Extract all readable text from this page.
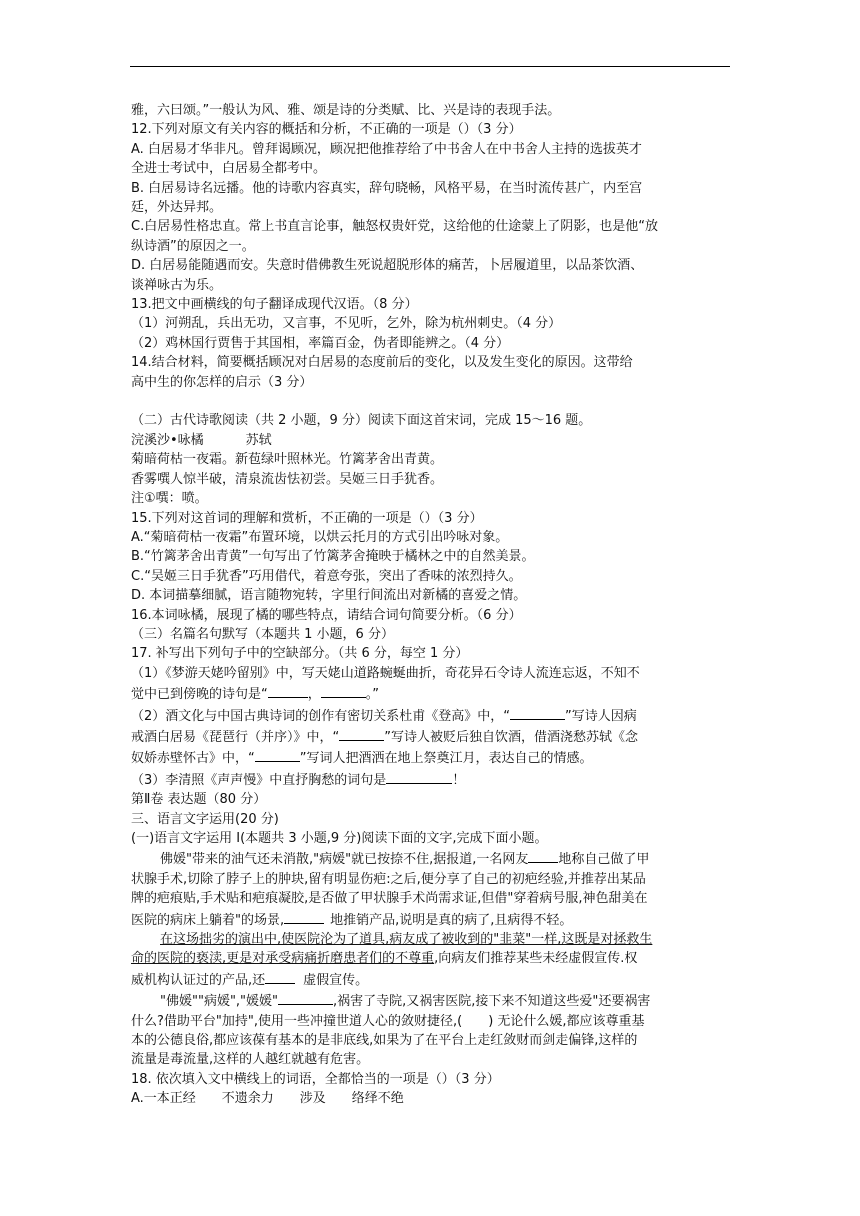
雅，六曰颂。”一般认为风、雅、颂是诗的分类赋、比、兴是诗的表现手法。
12.下列对原文有关内容的概括和分析，不正确的一项是（）（3 分）
A. 白居易才华非凡。曾拜谒顾况，顾况把他推荐给了中书舍人在中书舍人主持的选拔英才
全进士考试中，白居易全都考中。
B. 白居易诗名远播。他的诗歌内容真实，辞句晓畅，风格平易，在当时流传甚广，内至宫
廷，外达异邦。
C.白居易性格忠直。常上书直言论事，触怒权贵奸党，这给他的仕途蒙上了阴影，也是他“放
纵诗酒”的原因之一。
D. 白居易能随遇而安。失意时借佛教生死说超脱形体的痛苦，卜居履道里，以品茶饮酒、
谈禅咏古为乐。
13.把文中画横线的句子翻译成现代汉语。（8 分）
（1）河朔乱，兵出无功，又言事，不见听，乞外，除为杭州刺史。（4 分）
（2）鸡林国行贾售于其国相，率篇百金，伪者即能辨之。（4 分）
14.结合材料，简要概括顾况对白居易的态度前后的变化，以及发生变化的原因。这带给
高中生的你怎样的启示（3 分）
（二）古代诗歌阅读（共 2 小题，9 分）阅读下面这首宋词，完成 15～16 题。
浣溪沙•咏橘	苏轼
菊暗荷枯一夜霜。新苞绿叶照林光。竹篱茅舍出青黄。
香雾噀人惊半破，清泉流齿怯初尝。吴姬三日手犹香。
注①噀：喷。
15.下列对这首词的理解和赏析，不正确的一项是（）（3 分）
A.“菊暗荷枯一夜霜”布置环境，以烘云托月的方式引出吟咏对象。
B.“竹篱茅舍出青黄”一句写出了竹篱茅舍掩映于橘林之中的自然美景。
C.“吴姬三日手犹香”巧用借代，着意夸张，突出了香味的浓烈持久。
D. 本词描摹细腻，语言随物宛转，字里行间流出对新橘的喜爱之情。
16.本词咏橘，展现了橘的哪些特点，请结合词句简要分析。（6 分）
（三）名篇名句默写（本题共 1 小题，6 分）
17. 补写出下列句子中的空缺部分。（共 6 分，每空 1 分）
（1）《梦游天姥吟留别》中，写天姥山道路蜿蜒曲折，奇花异石令诗人流连忘返，不知不
觉中已到傍晚的诗句是“	，	。”
（2）酒文化与中国古典诗词的创作有密切关系杜甫《登高》中，“	”写诗人因病
戒酒白居易《琵琶行（并序）》中，“	”写诗人被贬后独自饮酒，借酒浇愁苏轼《念
奴娇赤壁怀古》中，“	”写词人把酒洒在地上祭奠江月，表达自己的情感。
（3）李清照《声声慢》中直抒胸愁的词句是	！
第Ⅱ卷 表达题（80 分）
三、语言文字运用(20 分)
(一)语言文字运用 I(本题共 3 小题,9 分)阅读下面的文字,完成下面小题。
佛媛"带来的油气还未消散,"病媛"就已按捺不住,据报道,一名网友 地称自己做了甲
状腺手术,切除了脖子上的肿块,留有明显伤疤:之后,便分享了自己的初疤经验,并推荐出某品
牌的疤痕贴,手术贴和疤痕凝胶,是否做了甲状腺手术尚需求证,但借"穿着病号服,神色甜美在
医院的病床上躺着"的场景,	地推销产品,说明是真的病了,且病得不轻。
在这场拙劣的演出中,使医院沦为了道具,病友成了被收到的"韭菜"一样,这既是对拯救生
命的医院的亵渎,更是对承受病痛折磨患者们的不尊重,向病友们推荐某些未经虚假宣传.权
威机构认证过的产品,还	虚假宣传。
"佛媛""病媛","媛媛"	,祸害了寺院,又祸害医院,接下来不知道这些爱"还要祸害
什么?借助平台"加持",使用一些冲撞世道人心的敛财捷径,(　　) 无论什么媛,都应该尊重基
本的公德良俗,都应该葆有基本的是非底线,如果为了在平台上走红敛财而剑走偏锋,这样的
流量是毒流量,这样的人越红就越有危害。
18. 依次填入文中横线上的词语，全都恰当的一项是（）（3 分）
A.一本正经　　不遗余力　　涉及　　络绎不绝
